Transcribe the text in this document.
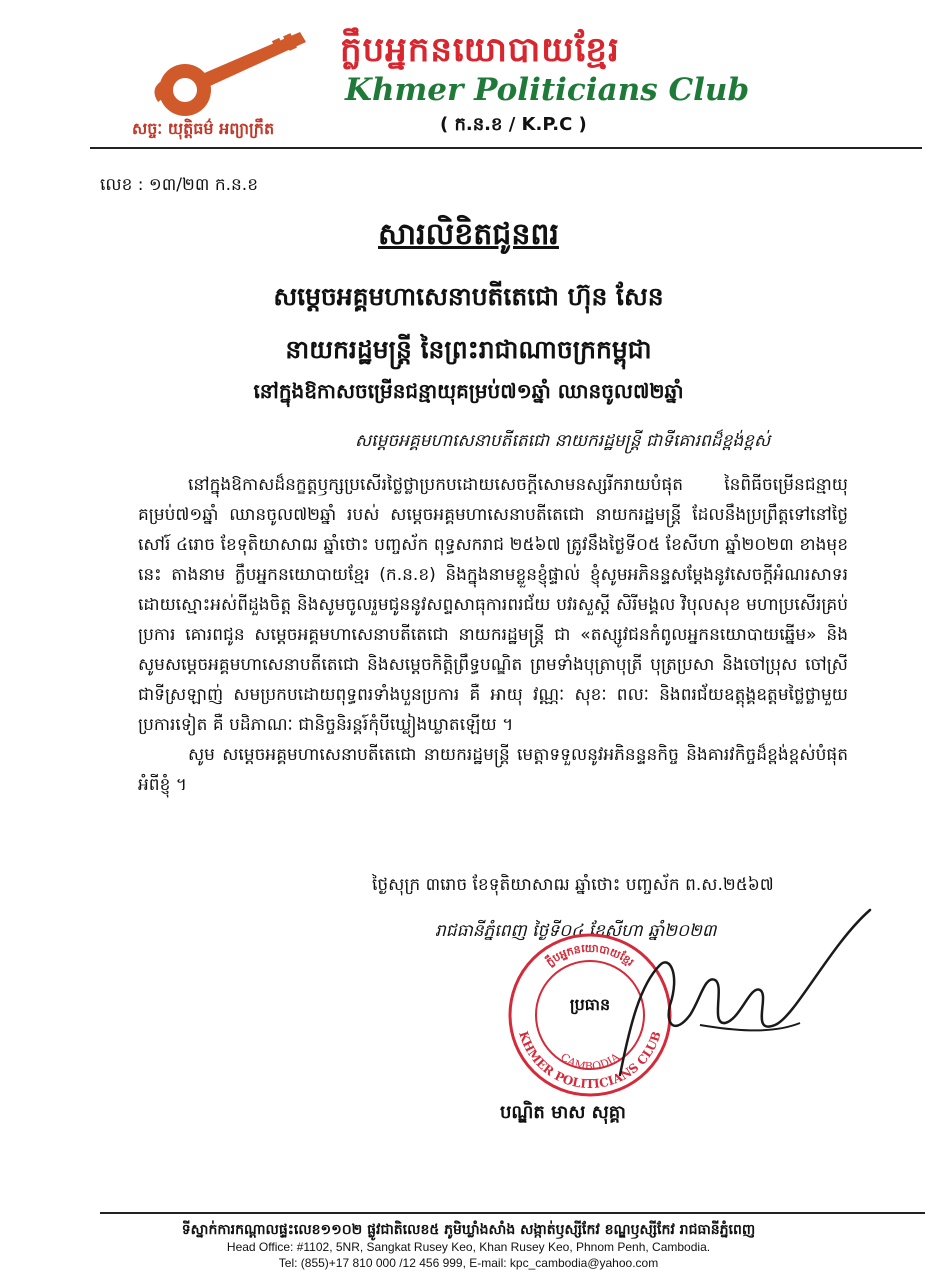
ក្លឹបអ្នកនយោបាយខ្មែរ
Khmer Politicians Club
( ក.ន.ខ / K.P.C )
សច្ចៈ យុត្តិធម៌ អព្យាក្រឹត
លេខ : ១៣/២៣ ក.ន.ខ
សារលិខិតជូនពរ
សម្តេចអគ្គមហាសេនាបតីតេជោ ហ៊ុន សែន
នាយករដ្ឋមន្ត្រី នៃព្រះរាជាណាចក្រកម្ពុជា
នៅក្នុងឱកាសចម្រើនជន្មាយុគម្រប់៧១ឆ្នាំ ឈានចូល៧២ឆ្នាំ
សម្តេចអគ្គមហាសេនាបតីតេជោ នាយករដ្ឋមន្ត្រី ជាទីគោរពដ៏ខ្ពង់ខ្ពស់

នៅក្នុងឱកាសដ៏នក្ខត្តឫក្សប្រសើរថ្លៃថ្លាប្រកបដោយសេចក្តីសោមនស្សរីករាយបំផុត នៃពិធីចម្រើនជន្មាយុគម្រប់៧១ឆ្នាំ ឈានចូល៧២ឆ្នាំ របស់ សម្តេចអគ្គមហាសេនាបតីតេជោ នាយករដ្ឋមន្ត្រី ដែលនឹងប្រព្រឹត្តទៅនៅថ្ងៃសៅរ៍ ៤រោច ខែទុតិយាសាឍ ឆ្នាំថោះ បញ្ចស័ក ពុទ្ធសករាជ ២៥៦៧ ត្រូវនឹងថ្ងៃទី០៥ ខែសីហា ឆ្នាំ២០២៣ ខាងមុខនេះ តាងនាម ក្លឹបអ្នកនយោបាយខ្មែរ (ក.ន.ខ) និងក្នុងនាមខ្លួនខ្ញុំផ្ទាល់ ខ្ញុំសូមអភិនន្ទសម្តែងនូវសេចក្តីអំណរសាទរដោយស្មោះអស់ពីដួងចិត្ត និងសូមចូលរួមជូននូវសព្ទសាធុការពរជ័យ បវរសួស្តី សិរីមង្គល វិបុលសុខ មហាប្រសើរគ្រប់ប្រការ គោរពជូន សម្តេចអគ្គមហាសេនាបតីតេជោ នាយករដ្ឋមន្ត្រី ជា «តស្សូវជនកំពូលអ្នកនយោបាយឆ្នើម» និងសូមសម្តេចអគ្គមហាសេនាបតីតេជោ និងសម្តេចកិត្តិព្រឹទ្ធបណ្ឌិត ព្រមទាំងបុត្រាបុត្រី បុត្រប្រសា និងចៅប្រុស ចៅស្រី ជាទីស្រឡាញ់ សមប្រកបដោយពុទ្ធពរទាំងបួនប្រការ គឺ អាយុ វណ្ណៈ សុខៈ ពលៈ និងពរជ័យឧត្តុង្គឧត្តមថ្លៃថ្លាមួយប្រការទៀត គឺ បដិភាណៈ ជានិច្ចនិរន្តរ៍កុំបីឃ្លៀងឃ្លាតឡើយ ។

សូម សម្តេចអគ្គមហាសេនាបតីតេជោ នាយករដ្ឋមន្ត្រី មេត្តាទទួលនូវអភិនន្ទនកិច្ច និងគារវកិច្ចដ៏ខ្ពង់ខ្ពស់បំផុតអំពីខ្ញុំ ។

ថ្ងៃសុក្រ ៣រោច ខែទុតិយាសាឍ ឆ្នាំថោះ បញ្ចស័ក ព.ស.២៥៦៧
រាជធានីភ្នំពេញ ថ្ងៃទី០៤ ខែសីហា ឆ្នាំ២០២៣
ក្លឹបអ្នកនយោបាយខ្មែរ
KHMER POLITICIANS CLUB
CAMBODIA
ប្រធាន
បណ្ឌិត មាស សុគ្គា
ទីស្នាក់ការកណ្តាលផ្ទះលេខ១១០២ ផ្លូវជាតិលេខ៥ ភូមិឃ្លាំងសាំង សង្កាត់ឫស្សីកែវ ខណ្ឌឫស្សីកែវ រាជធានីភ្នំពេញ
Head Office: #1102, 5NR, Sangkat Rusey Keo, Khan Rusey Keo, Phnom Penh, Cambodia.
Tel: (855)+17 810 000 /12 456 999, E-mail: kpc_cambodia@yahoo.com
